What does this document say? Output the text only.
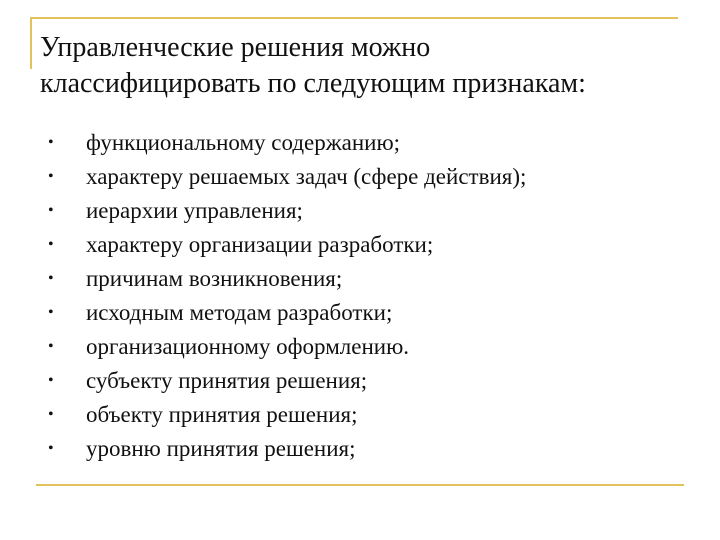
Управленческие решения можно
классифицировать по следующим признакам:
•	функциональному содержанию;
•	характеру решаемых задач (сфере действия);
•	иерархии управления;
•	характеру организации разработки;
•	причинам возникновения;
•	исходным методам разработки;
•	организационному оформлению.
•	субъекту принятия решения;
•	объекту принятия решения;
•	уровню принятия решения;
